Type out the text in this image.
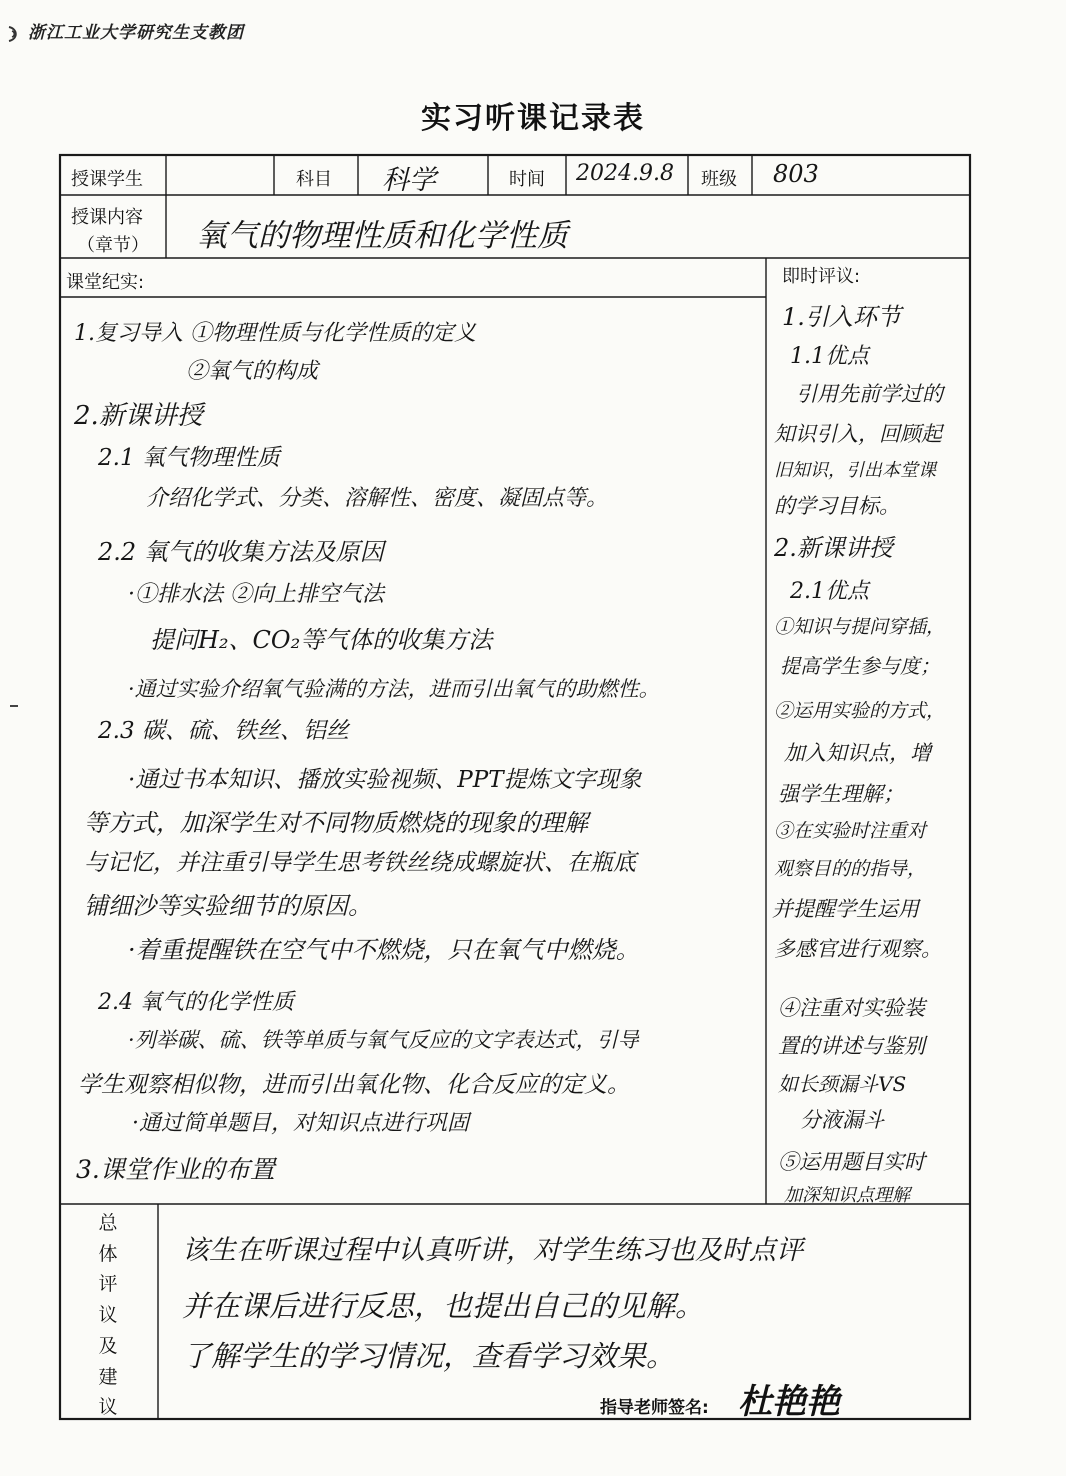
浙江工业大学研究生支教团
实习听课记录表
授课学生	科目 科学	时间 2024.9.8 班级 803
授课内容
（章节） 氧气的物理性质和化学性质
课堂纪实:
1.复习导入 ①物理性质与化学性质的定义
②氧气的构成
2.新课讲授
2.1 氧气物理性质
介绍化学式、分类、溶解性、密度、凝固点等。
2.2 氧气的收集方法及原因
·①排水法 ②向上排空气法
提问H₂、CO₂等气体的收集方法
·通过实验介绍氧气验满的方法，进而引出氧气的助燃性。
2.3 碳、硫、铁丝、铝丝
·通过书本知识、播放实验视频、PPT提炼文字现象
等方式，加深学生对不同物质燃烧的现象的理解
与记忆，并注重引导学生思考铁丝绕成螺旋状、在瓶底
铺细沙等实验细节的原因。
·着重提醒铁在空气中不燃烧，只在氧气中燃烧。
2.4 氧气的化学性质
·列举碳、硫、铁等单质与氧气反应的文字表达式，引导
学生观察相似物，进而引出氧化物、化合反应的定义。
·通过简单题目，对知识点进行巩固
3.课堂作业的布置
即时评议:
1.引入环节
1.1优点
引用先前学过的
知识引入，回顾起
旧知识，引出本堂课
的学习目标。
2.新课讲授
2.1优点
①知识与提问穿插，
提高学生参与度；
②运用实验的方式，
加入知识点，增
强学生理解；
③在实验时注重对
观察目的的指导，
并提醒学生运用
多感官进行观察。
④注重对实验装
置的讲述与鉴别
如长颈漏斗VS
分液漏斗
⑤运用题目实时
加深知识点理解
总
体
评
议
及
建
议
该生在听课过程中认真听讲，对学生练习也及时点评
并在课后进行反思，也提出自己的见解。
了解学生的学习情况，查看学习效果。
指导老师签名: 杜艳艳
